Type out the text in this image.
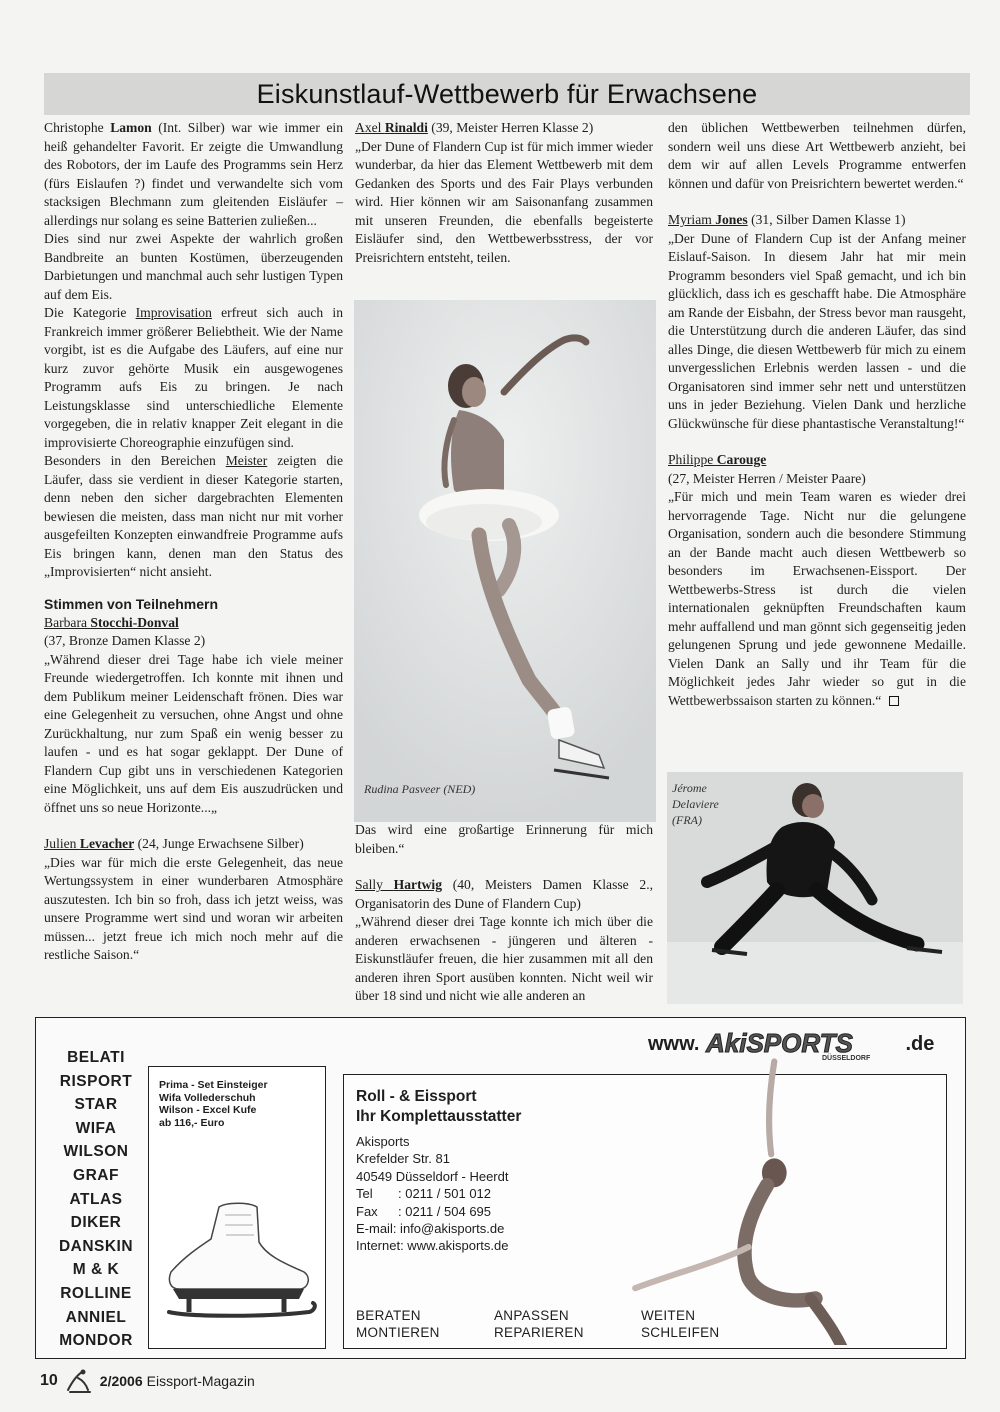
Eiskunstlauf-Wettbewerb für Erwachsene

Christophe Lamon (Int. Silber) war wie immer ein heiß gehandelter Favorit. Er zeigte die Umwandlung des Robotors, der im Laufe des Programms sein Herz (fürs Eislaufen ?) findet und verwandelte sich vom stacksigen Blechmann zum gleitenden Eisläufer – allerdings nur solang es seine Batterien zuließen...

Dies sind nur zwei Aspekte der wahrlich großen Bandbreite an bunten Kostümen, überzeugenden Darbietungen und manchmal auch sehr lustigen Typen auf dem Eis.

Die Kategorie Improvisation erfreut sich auch in Frankreich immer größerer Beliebtheit. Wie der Name vorgibt, ist es die Aufgabe des Läufers, auf eine nur kurz zuvor gehörte Musik ein ausgewogenes Programm aufs Eis zu bringen. Je nach Leistungsklasse sind unterschiedliche Elemente vorgegeben, die in relativ knapper Zeit elegant in die improvisierte Choreographie einzufügen sind.

Besonders in den Bereichen Meister zeigten die Läufer, dass sie verdient in dieser Kategorie starten, denn neben den sicher dargebrachten Elementen bewiesen die meisten, dass man nicht nur mit vorher ausgefeilten Konzepten einwandfreie Programme aufs Eis bringen kann, denen man den Status des „Improvisierten“ nicht ansieht.

Stimmen von Teilnehmern

Barbara Stocchi-Donval

(37, Bronze Damen Klasse 2)

„Während dieser drei Tage habe ich viele meiner Freunde wiedergetroffen. Ich konnte mit ihnen und dem Publikum meiner Leidenschaft frönen. Dies war eine Gelegenheit zu versuchen, ohne Angst und ohne Zurückhaltung, nur zum Spaß ein wenig besser zu laufen - und es hat sogar geklappt. Der Dune of Flandern Cup gibt uns in verschiedenen Kategorien eine Möglichkeit, uns auf dem Eis auszudrücken und öffnet uns so neue Horizonte...„

Julien Levacher (24, Junge Erwachsene Silber)

„Dies war für mich die erste Gelegenheit, das neue Wertungssystem in einer wunderbaren Atmosphäre auszutesten. Ich bin so froh, dass ich jetzt weiss, was unsere Programme wert sind und woran wir arbeiten müssen... jetzt freue ich mich noch mehr auf die restliche Saison.“

Axel Rinaldi (39, Meister Herren Klasse 2)

„Der Dune of Flandern Cup ist für mich immer wieder wunderbar, da hier das Element Wettbewerb mit dem Gedanken des Sports und des Fair Plays verbunden wird. Hier können wir am Saisonanfang zusammen mit unseren Freunden, die ebenfalls begeisterte Eisläufer sind, den Wettbewerbsstress, der vor Preisrichtern entsteht, teilen.

Rudina Pasveer (NED)

Das wird eine großartige Erinnerung für mich bleiben.“

Sally Hartwig (40, Meisters Damen Klasse 2., Organisatorin des Dune of Flandern Cup)

„Während dieser drei Tage konnte ich mich über die anderen erwachsenen - jüngeren und älteren - Eiskunstläufer freuen, die hier zusammen mit all den anderen ihren Sport ausüben konnten. Nicht weil wir über 18 sind und nicht wie alle anderen an

den üblichen Wettbewerben teilnehmen dürfen, sondern weil uns diese Art Wettbewerb anzieht, bei dem wir auf allen Levels Programme entwerfen können und dafür von Preisrichtern bewertet werden.“

Myriam Jones (31, Silber Damen Klasse 1)

„Der Dune of Flandern Cup ist der Anfang meiner Eislauf-Saison. In diesem Jahr hat mir mein Programm besonders viel Spaß gemacht, und ich bin glücklich, dass ich es geschafft habe. Die Atmosphäre am Rande der Eisbahn, der Stress bevor man rausgeht, die Unterstützung durch die anderen Läufer, das sind alles Dinge, die diesen Wettbewerb für mich zu einem unvergesslichen Erlebnis werden lassen - und die Organisatoren sind immer sehr nett und unterstützen uns in jeder Beziehung. Vielen Dank und herzliche Glückwünsche für diese phantastische Veranstaltung!“

Philippe Carouge

(27, Meister Herren / Meister Paare)

„Für mich und mein Team waren es wieder drei hervorragende Tage. Nicht nur die gelungene Organisation, sondern auch die besondere Stimmung an der Bande macht auch diesen Wettbewerb so besonders im Erwachsenen-Eissport. Der Wettbewerbs-Stress ist durch die vielen internationalen geknüpften Freundschaften kaum mehr auffallend und man gönnt sich gegenseitig jeden gelungenen Sprung und jede gewonnene Medaille. Vielen Dank an Sally und ihr Team für die Möglichkeit jedes Jahr wieder so gut in die Wettbewerbssaison starten zu können.“

Jérome
Delaviere
(FRA)
www. AkiSPORTS
DÜSSELDORF
.de
BELATI
RISPORT
STAR
WIFA
WILSON
GRAF
ATLAS
DIKER
DANSKIN
M & K
ROLLINE
ANNIEL
MONDOR
Prima - Set Einsteiger
Wifa Vollederschuh
Wilson - Excel Kufe
ab 116,- Euro
Roll - & Eissport
Ihr Komplettausstatter
Akisports
Krefelder Str. 81
40549 Düsseldorf - Heerdt
Tel	: 0211 / 501 012
Fax	: 0211 / 504 695
E-mail: info@akisports.de
Internet: www.akisports.de
BERATEN
MONTIEREN
ANPASSEN
REPARIEREN
WEITEN
SCHLEIFEN
10	2/2006 Eissport-Magazin
